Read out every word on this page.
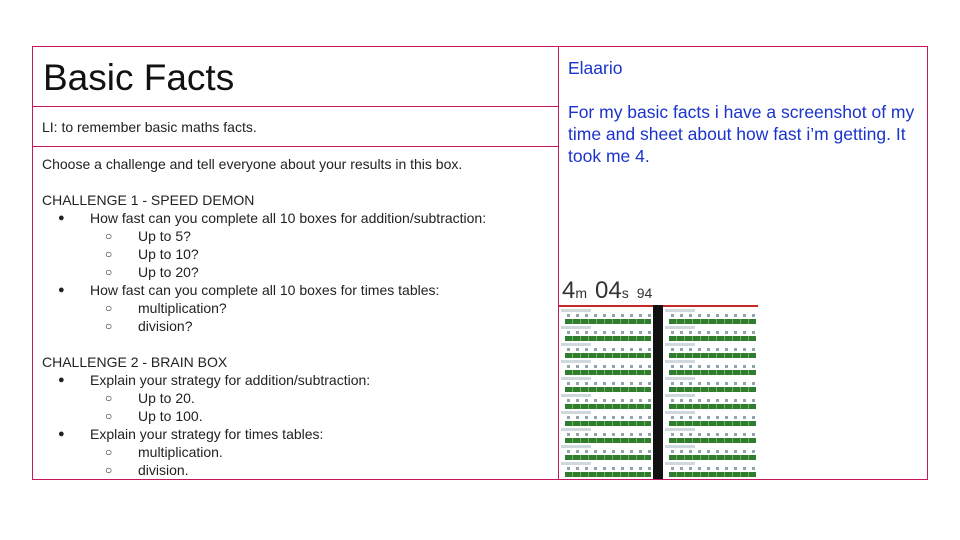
Basic Facts
LI: to remember basic maths facts.
Choose a challenge and tell everyone about your results in this box.
CHALLENGE 1 - SPEED DEMON
● How fast can you complete all 10 boxes for addition/subtraction:
○ Up to 5?
○ Up to 10?
○ Up to 20?
● How fast can you complete all 10 boxes for times tables:
○ multiplication?
○ division?
CHALLENGE 2 - BRAIN BOX
● Explain your strategy for addition/subtraction:
○ Up to 20.
○ Up to 100.
● Explain your strategy for times tables:
○ multiplication.
○ division.

Elaario

For my basic facts i have a screenshot of my time and sheet about how fast i’m getting. It took me 4.

4m 04s 94
